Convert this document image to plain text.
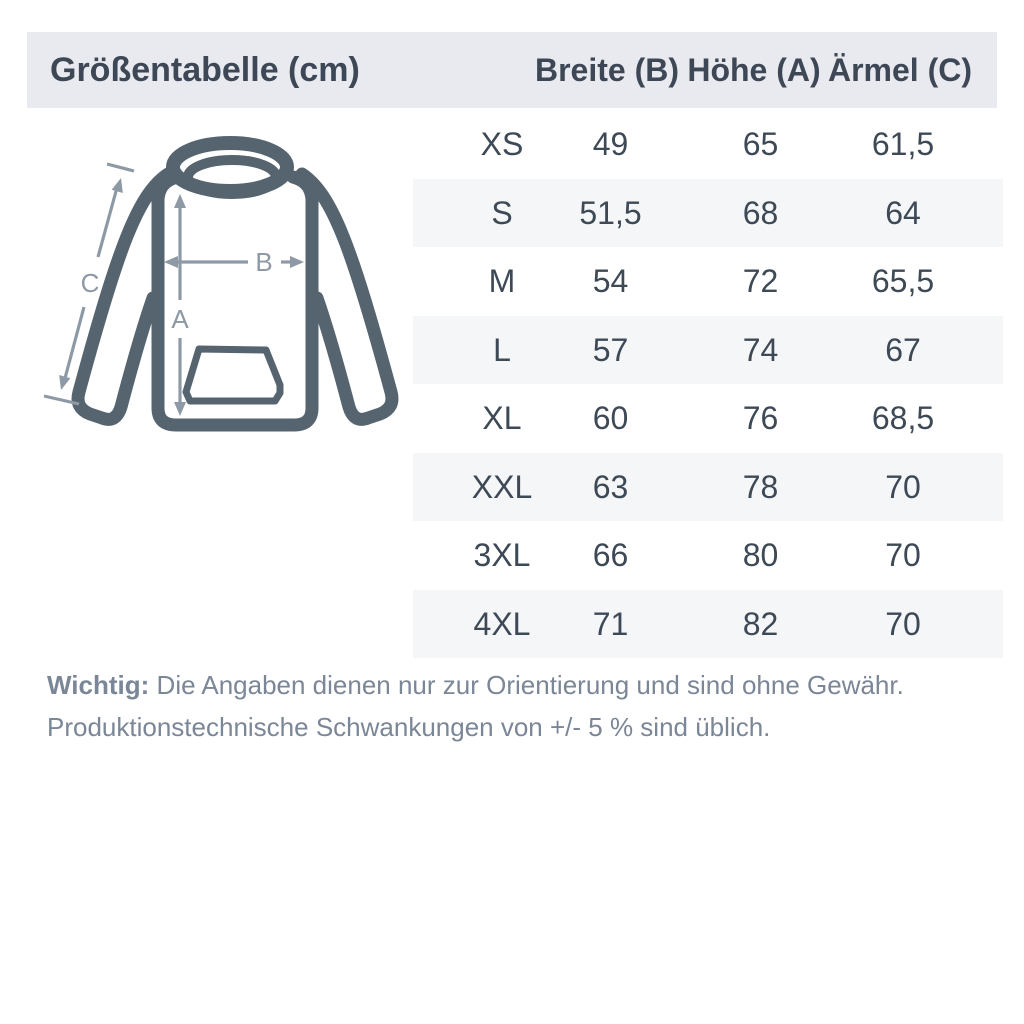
Größentabelle (cm)	Breite (B) Höhe (A) Ärmel (C)
A
B
C
XS	49	65	61,5
S	51,5	68	64
M	54	72	65,5
L	57	74	67
XL	60	76	68,5
XXL	63	78	70
3XL	66	80	70
4XL	71	82	70

Wichtig: Die Angaben dienen nur zur Orientierung und sind ohne Gewähr. Produktionstechnische Schwankungen von +/- 5 % sind üblich.
